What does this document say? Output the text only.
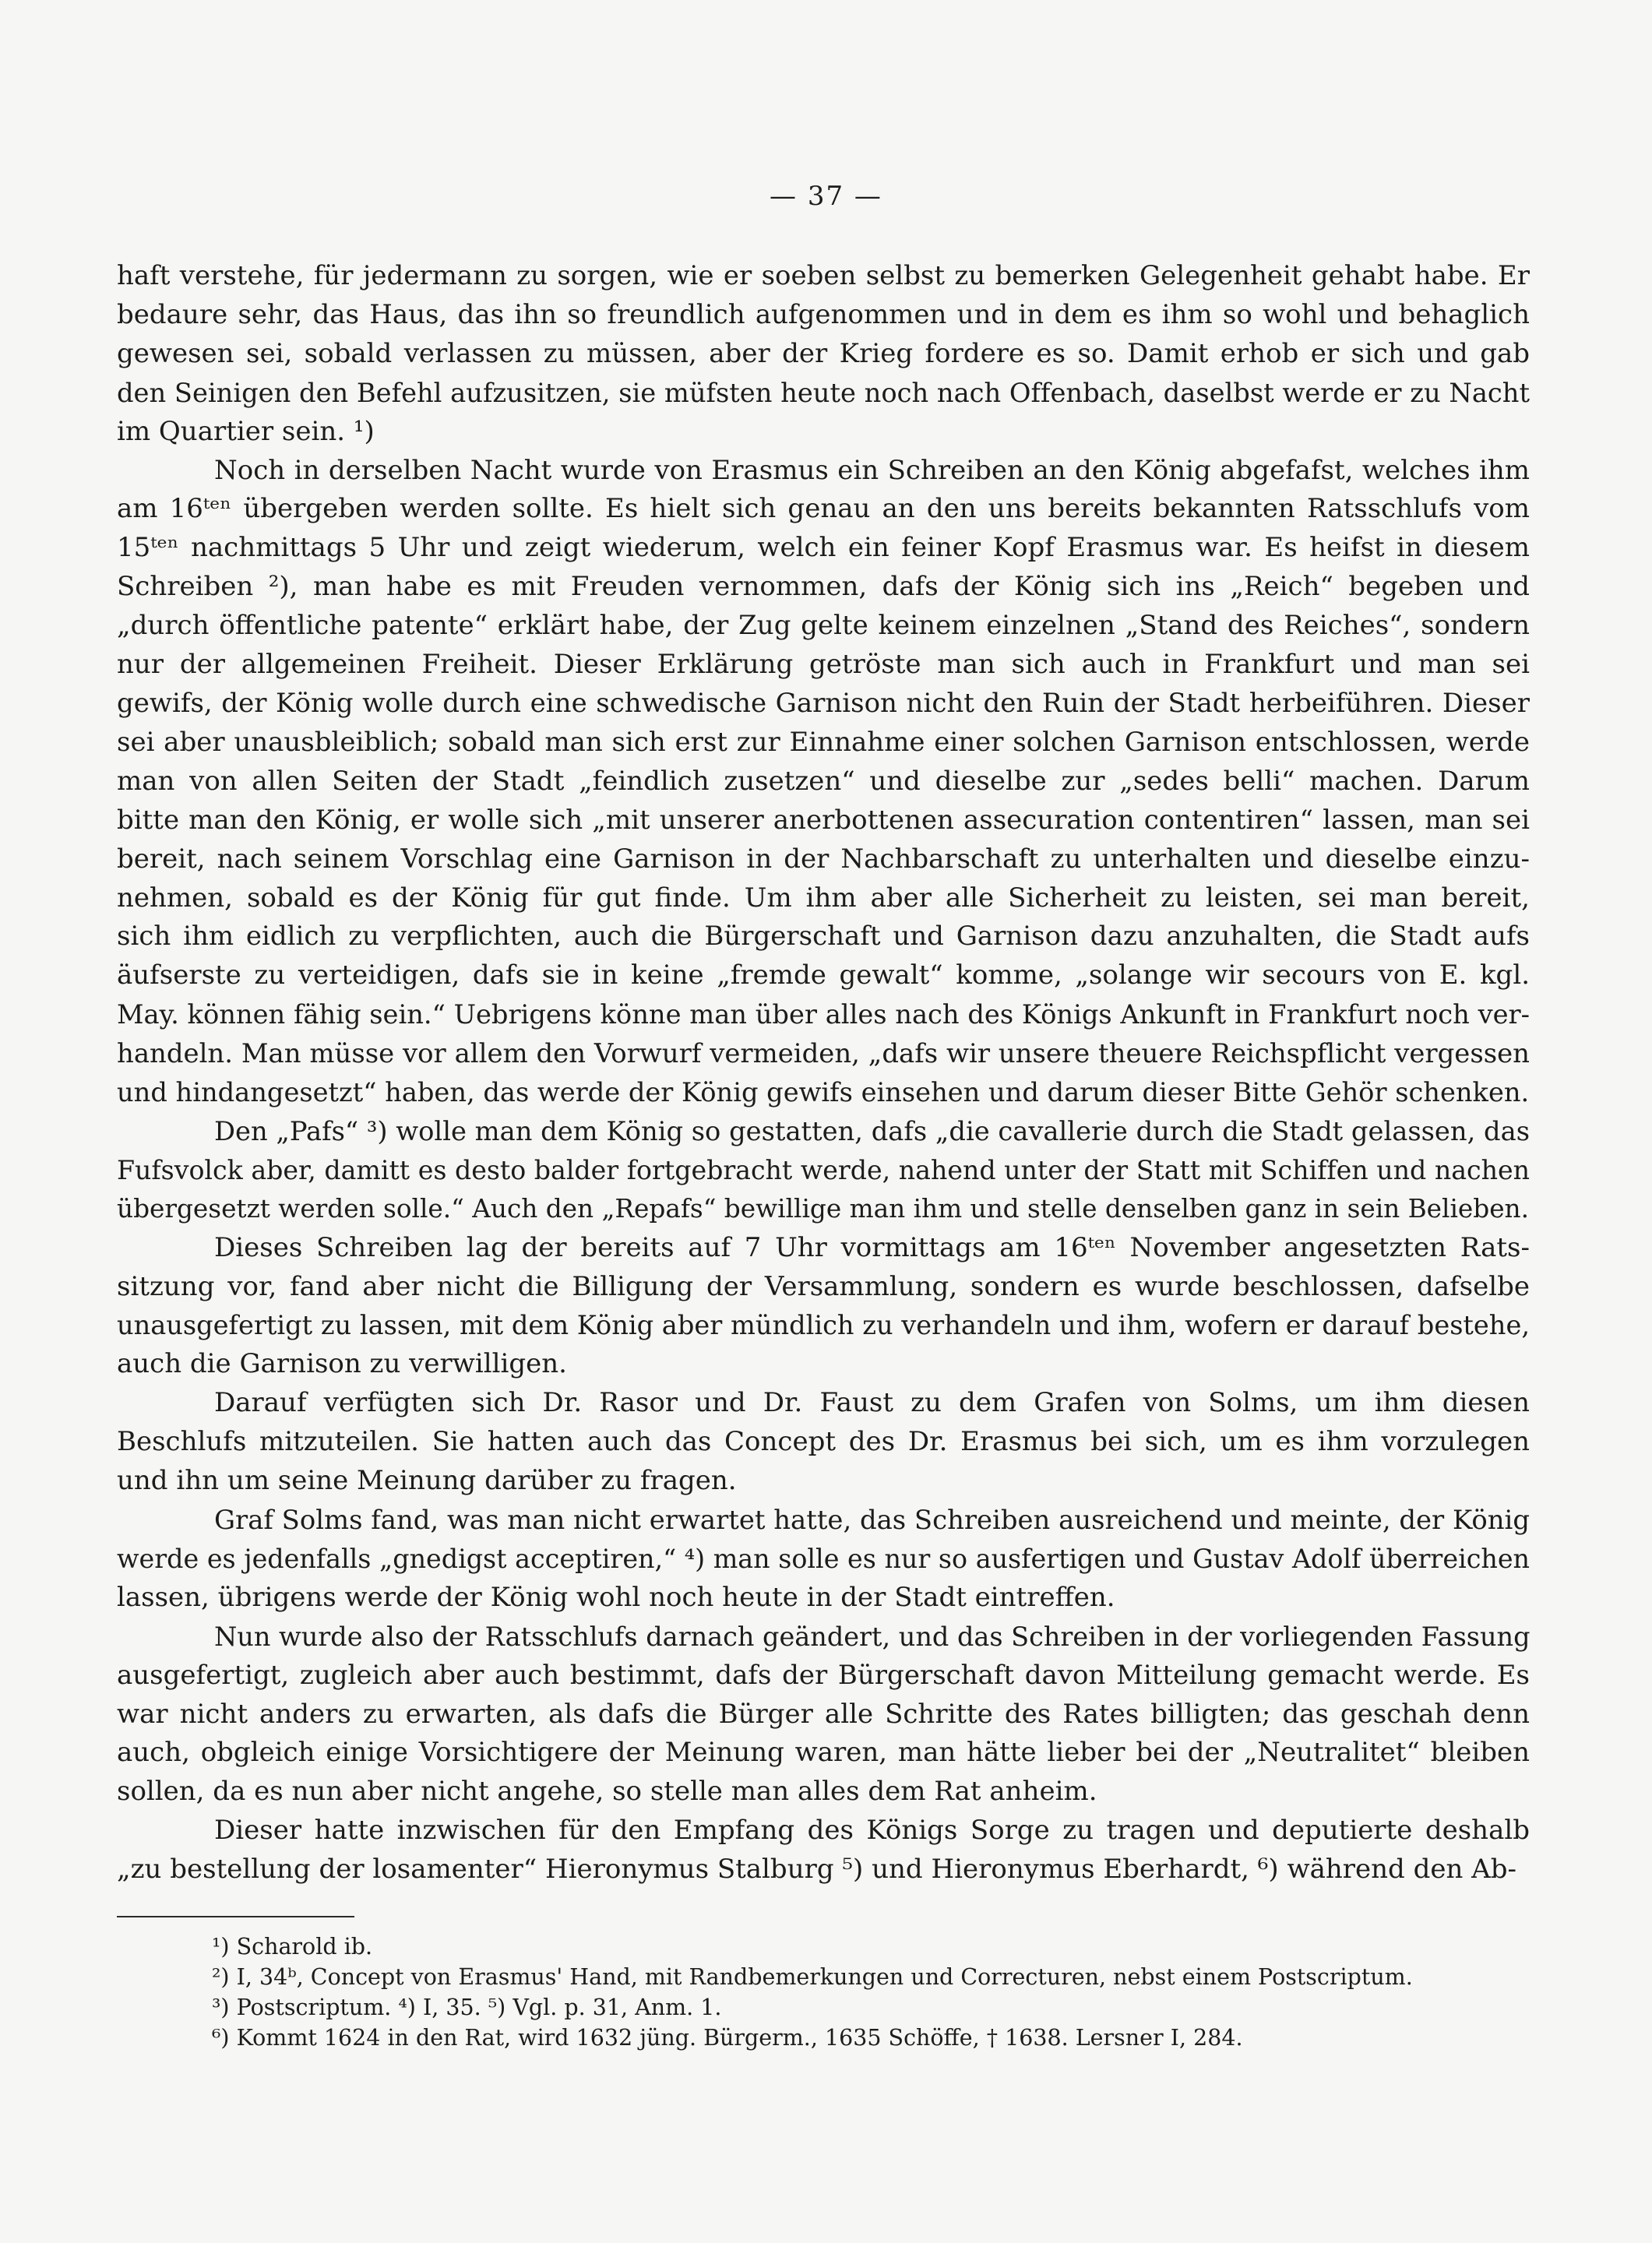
— 37 —
haft verstehe, für jedermann zu sorgen, wie er soeben selbst zu bemerken Gelegenheit gehabt habe. Er
bedaure sehr, das Haus, das ihn so freundlich aufgenommen und in dem es ihm so wohl und behaglich
gewesen sei, sobald verlassen zu müssen, aber der Krieg fordere es so. Damit erhob er sich und gab
den Seinigen den Befehl aufzusitzen, sie müfsten heute noch nach Offenbach, daselbst werde er zu Nacht
im Quartier sein. ¹)
Noch in derselben Nacht wurde von Erasmus ein Schreiben an den König abgefafst, welches ihm
am 16ᵗᵉⁿ übergeben werden sollte. Es hielt sich genau an den uns bereits bekannten Ratsschlufs vom
15ᵗᵉⁿ nachmittags 5 Uhr und zeigt wiederum, welch ein feiner Kopf Erasmus war. Es heifst in diesem
Schreiben ²), man habe es mit Freuden vernommen, dafs der König sich ins „Reich“ begeben und
„durch öffentliche patente“ erklärt habe, der Zug gelte keinem einzelnen „Stand des Reiches“, sondern
nur der allgemeinen Freiheit. Dieser Erklärung getröste man sich auch in Frankfurt und man sei
gewifs, der König wolle durch eine schwedische Garnison nicht den Ruin der Stadt herbeiführen. Dieser
sei aber unausbleiblich; sobald man sich erst zur Einnahme einer solchen Garnison entschlossen, werde
man von allen Seiten der Stadt „feindlich zusetzen“ und dieselbe zur „sedes belli“ machen. Darum
bitte man den König, er wolle sich „mit unserer anerbottenen assecuration contentiren“ lassen, man sei
bereit, nach seinem Vorschlag eine Garnison in der Nachbarschaft zu unterhalten und dieselbe einzu-
nehmen, sobald es der König für gut finde. Um ihm aber alle Sicherheit zu leisten, sei man bereit,
sich ihm eidlich zu verpflichten, auch die Bürgerschaft und Garnison dazu anzuhalten, die Stadt aufs
äufserste zu verteidigen, dafs sie in keine „fremde gewalt“ komme, „solange wir secours von E. kgl.
May. können fähig sein.“ Uebrigens könne man über alles nach des Königs Ankunft in Frankfurt noch ver-
handeln. Man müsse vor allem den Vorwurf vermeiden, „dafs wir unsere theuere Reichspflicht vergessen
und hindangesetzt“ haben, das werde der König gewifs einsehen und darum dieser Bitte Gehör schenken.
Den „Pafs“ ³) wolle man dem König so gestatten, dafs „die cavallerie durch die Stadt gelassen, das
Fufsvolck aber, damitt es desto balder fortgebracht werde, nahend unter der Statt mit Schiffen und nachen
übergesetzt werden solle.“ Auch den „Repafs“ bewillige man ihm und stelle denselben ganz in sein Belieben.
Dieses Schreiben lag der bereits auf 7 Uhr vormittags am 16ᵗᵉⁿ November angesetzten Rats-
sitzung vor, fand aber nicht die Billigung der Versammlung, sondern es wurde beschlossen, dafselbe
unausgefertigt zu lassen, mit dem König aber mündlich zu verhandeln und ihm, wofern er darauf bestehe,
auch die Garnison zu verwilligen.
Darauf verfügten sich Dr. Rasor und Dr. Faust zu dem Grafen von Solms, um ihm diesen
Beschlufs mitzuteilen. Sie hatten auch das Concept des Dr. Erasmus bei sich, um es ihm vorzulegen
und ihn um seine Meinung darüber zu fragen.
Graf Solms fand, was man nicht erwartet hatte, das Schreiben ausreichend und meinte, der König
werde es jedenfalls „gnedigst acceptiren,“ ⁴) man solle es nur so ausfertigen und Gustav Adolf überreichen
lassen, übrigens werde der König wohl noch heute in der Stadt eintreffen.
Nun wurde also der Ratsschlufs darnach geändert, und das Schreiben in der vorliegenden Fassung
ausgefertigt, zugleich aber auch bestimmt, dafs der Bürgerschaft davon Mitteilung gemacht werde. Es
war nicht anders zu erwarten, als dafs die Bürger alle Schritte des Rates billigten; das geschah denn
auch, obgleich einige Vorsichtigere der Meinung waren, man hätte lieber bei der „Neutralitet“ bleiben
sollen, da es nun aber nicht angehe, so stelle man alles dem Rat anheim.
Dieser hatte inzwischen für den Empfang des Königs Sorge zu tragen und deputierte deshalb
„zu bestellung der losamenter“ Hieronymus Stalburg ⁵) und Hieronymus Eberhardt, ⁶) während den Ab-
¹) Scharold ib.
²) I, 34ᵇ, Concept von Erasmus' Hand, mit Randbemerkungen und Correcturen, nebst einem Postscriptum.
³) Postscriptum. ⁴) I, 35. ⁵) Vgl. p. 31, Anm. 1.
⁶) Kommt 1624 in den Rat, wird 1632 jüng. Bürgerm., 1635 Schöffe, † 1638. Lersner I, 284.
